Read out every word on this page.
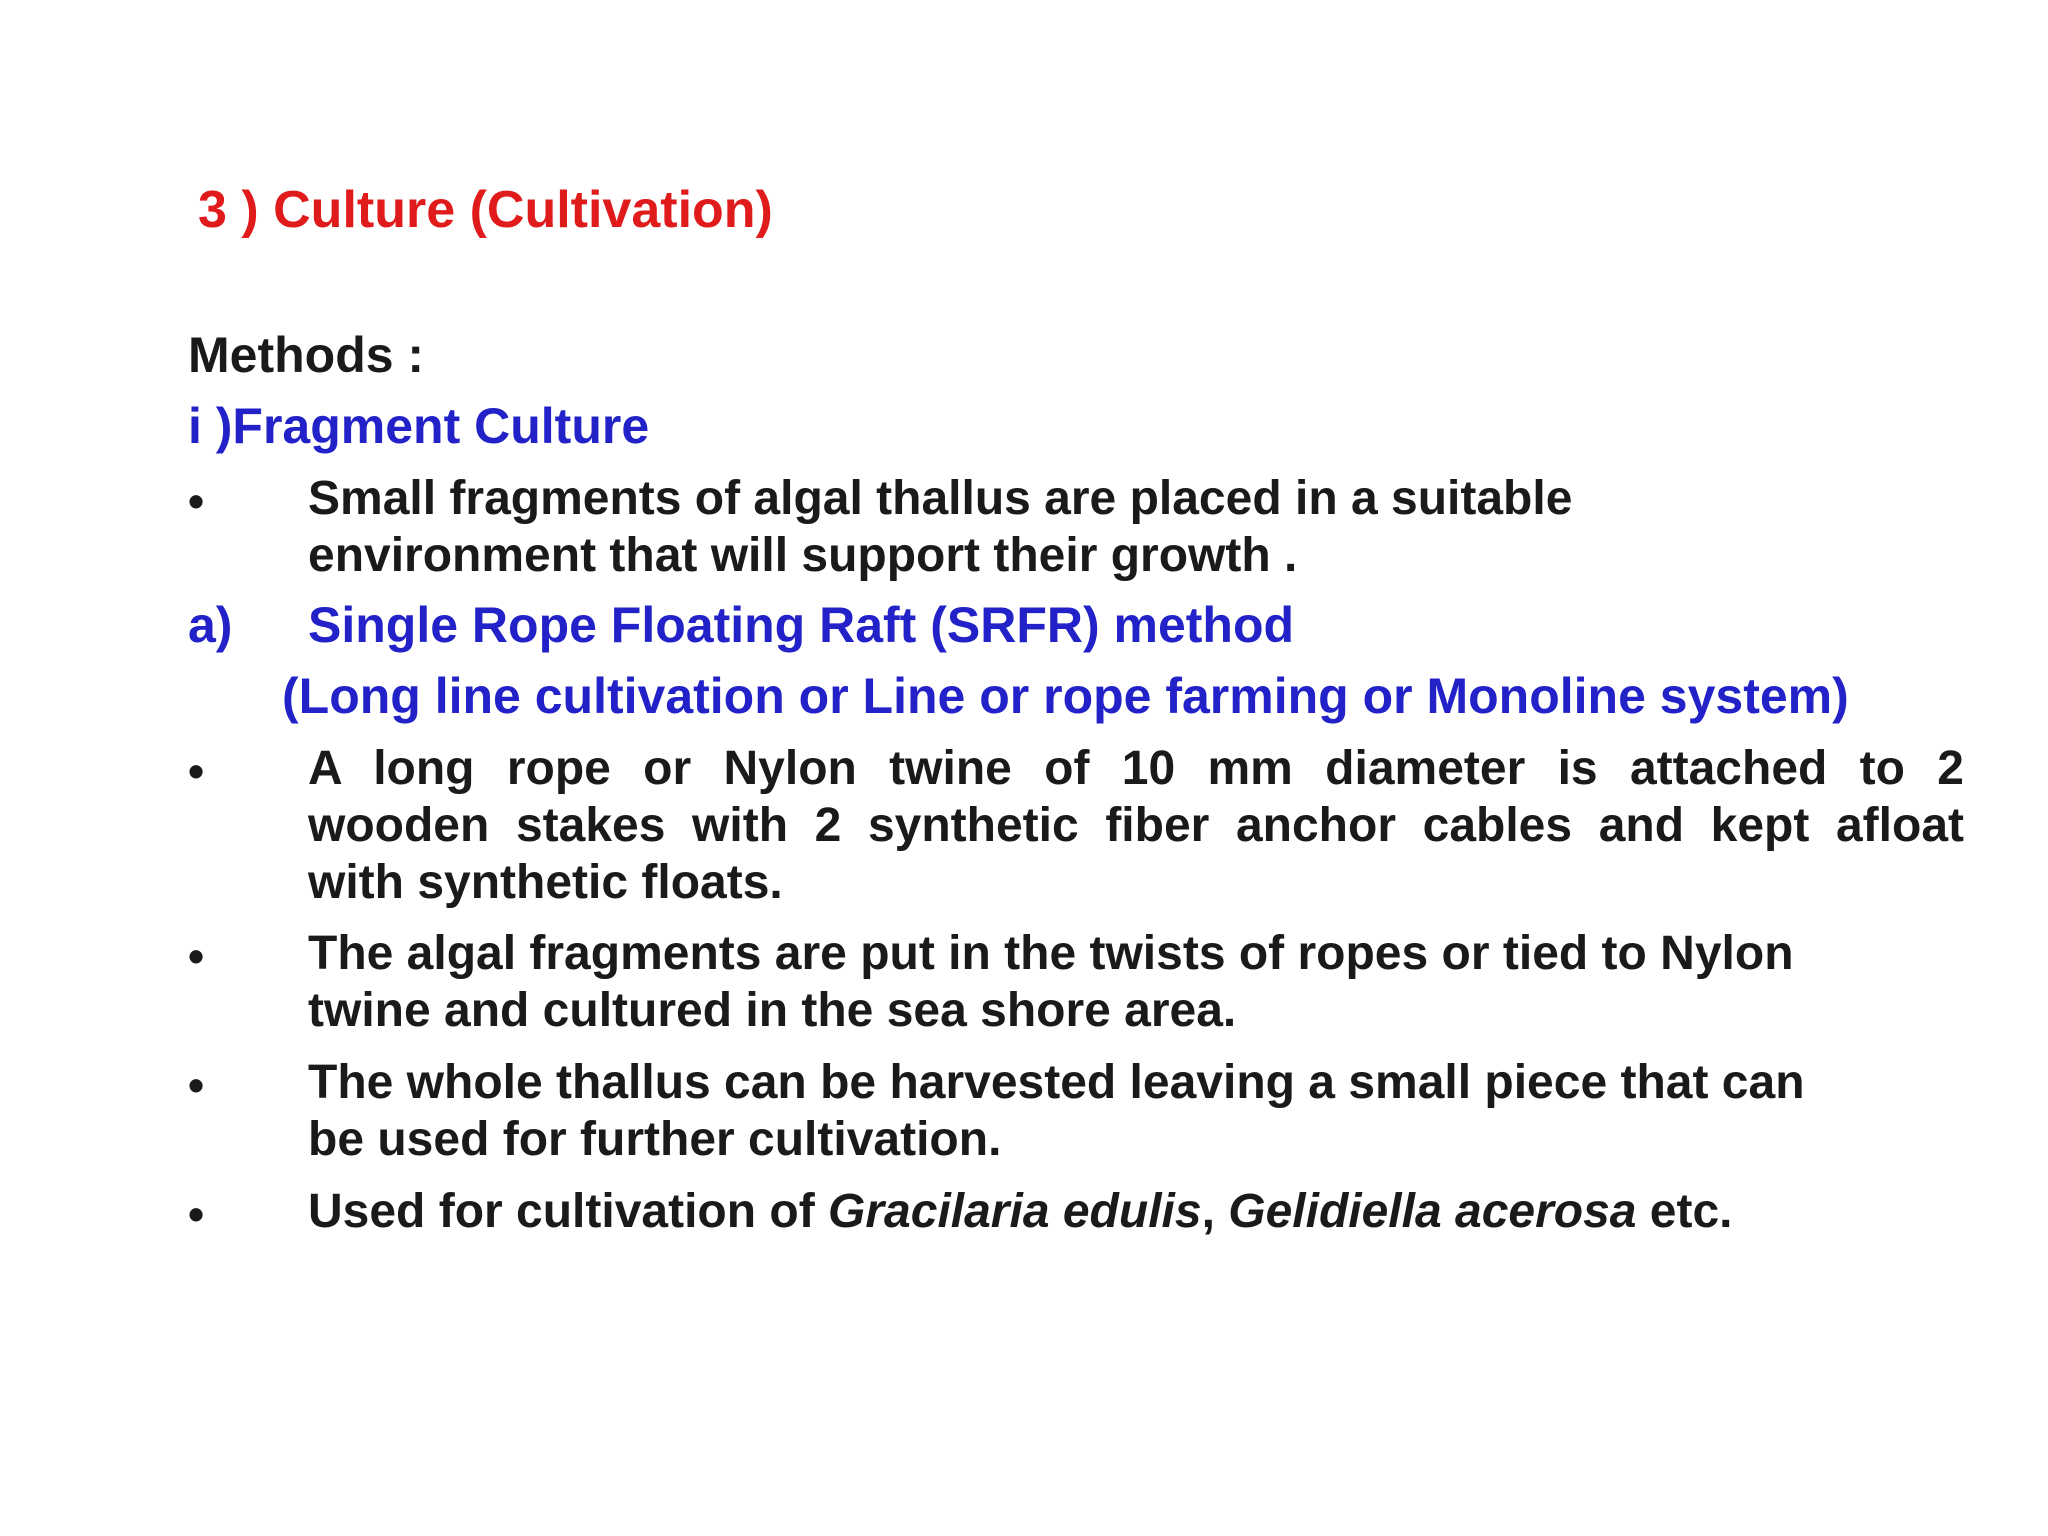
3 ) Culture (Cultivation)
Methods :
i )Fragment Culture
• Small fragments of algal thallus are placed in a suitable
environment that will support their growth .
a) Single Rope Floating Raft (SRFR) method
(Long line cultivation or Line or rope farming or Monoline system)
• A long rope or Nylon twine of 10 mm diameter is attached to 2
wooden stakes with 2 synthetic fiber anchor cables and kept afloat
with synthetic floats.
• The algal fragments are put in the twists of ropes or tied to Nylon
twine and cultured in the sea shore area.
• The whole thallus can be harvested leaving a small piece that can
be used for further cultivation.
• Used for cultivation of Gracilaria edulis, Gelidiella acerosa etc.
